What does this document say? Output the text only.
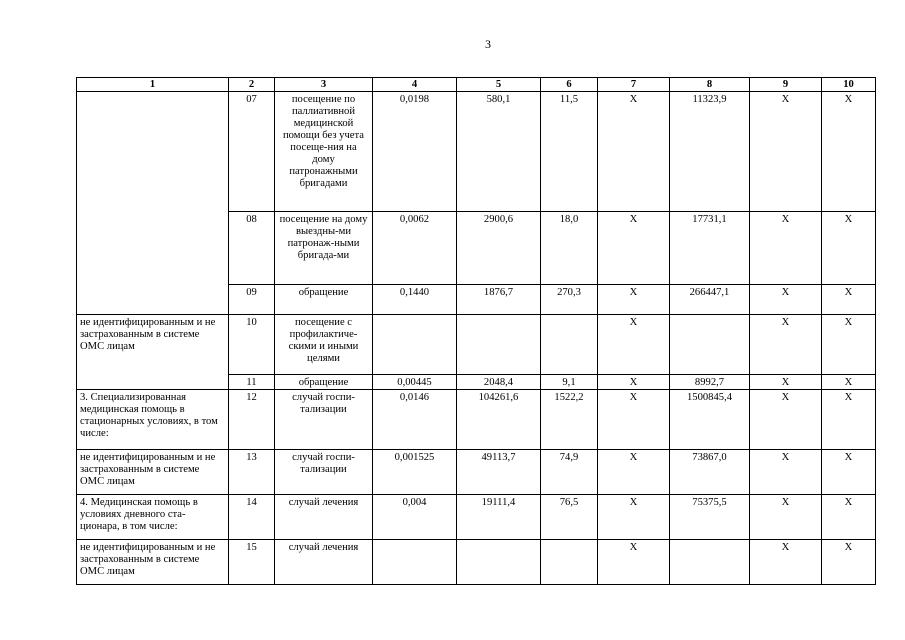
3
1	2	3	4	5	6	7	8	9	10
	07	посещение по паллиативной медицинской помощи без учета посеще-ния на дому патронажными бригадами	0,0198	580,1	11,5	Х	11323,9	Х	Х
	08	посещение на дому выездны-ми патронаж-ными бригада-ми	0,0062	2900,6	18,0	Х	17731,1	Х	Х
	09	обращение	0,1440	1876,7	270,3	Х	266447,1	Х	Х
не идентифицированным и не застрахованным в системе ОМС лицам	10	посещение с профилактиче-скими и иными целями				Х		Х	Х
	11	обращение	0,00445	2048,4	9,1	Х	8992,7	Х	Х
3. Специализированная медицинская помощь в стационарных условиях, в том числе:	12	случай госпи-тализации	0,0146	104261,6	1522,2	Х	1500845,4	Х	Х
не идентифицированным и не застрахованным в системе ОМС лицам	13	случай госпи-тализации	0,001525	49113,7	74,9	Х	73867,0	Х	Х
4. Медицинская помощь в условиях дневного ста-ционара, в том числе:	14	случай лечения	0,004	19111,4	76,5	Х	75375,5	Х	Х
не идентифицированным и не застрахованным в системе ОМС лицам	15	случай лечения				Х		Х	Х
